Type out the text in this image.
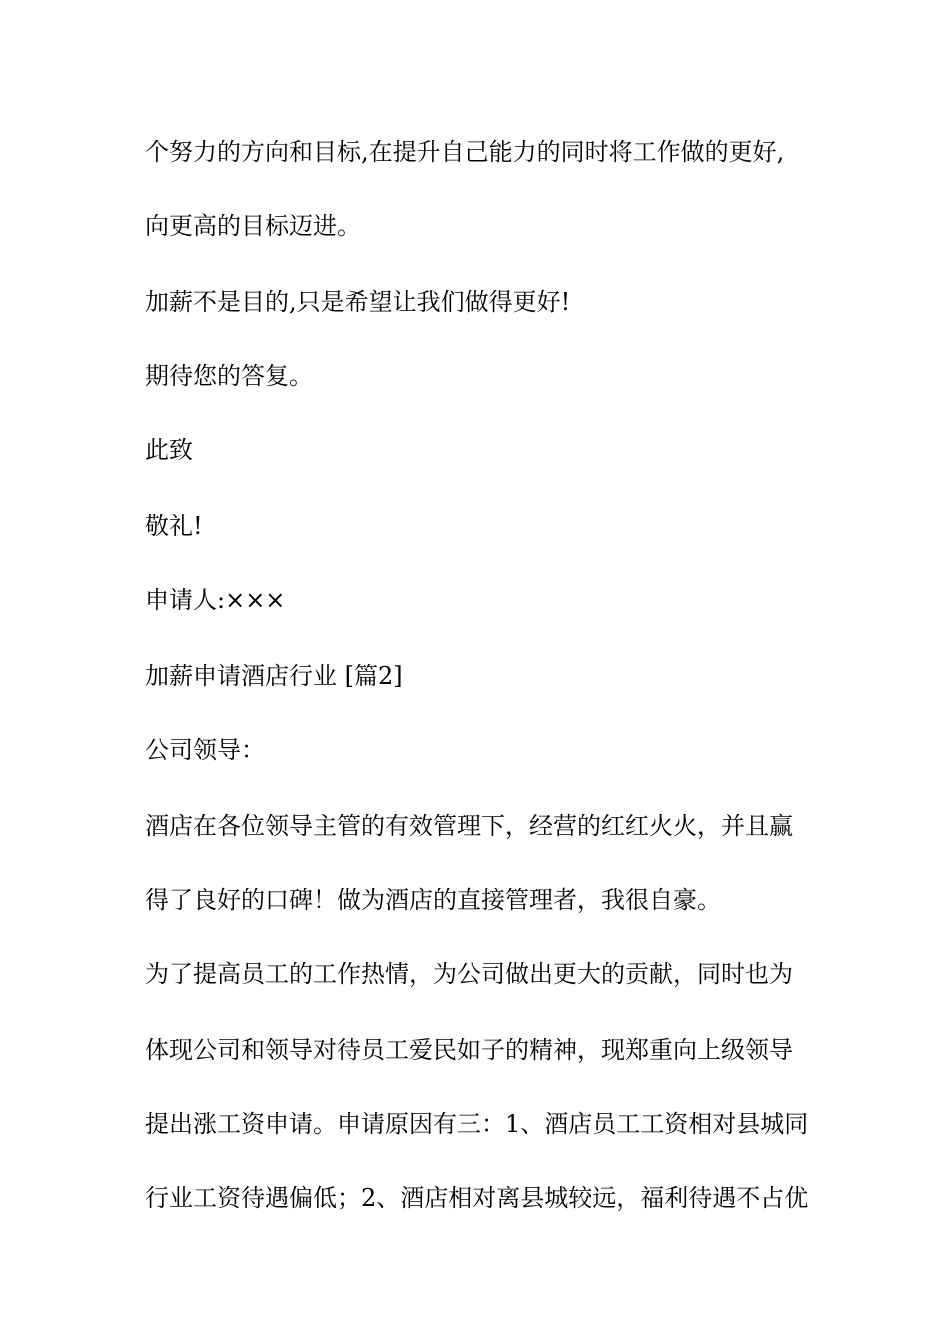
个努力的方向和目标,在提升自己能力的同时将工作做的更好,
向更高的目标迈进。
加薪不是目的,只是希望让我们做得更好!
期待您的答复。
此致
敬礼!
申请人:×××
加薪申请酒店行业 [篇2]
公司领导：
酒店在各位领导主管的有效管理下，经营的红红火火，并且赢
得了良好的口碑！做为酒店的直接管理者，我很自豪。
为了提高员工的工作热情，为公司做出更大的贡献，同时也为
体现公司和领导对待员工爱民如子的精神，现郑重向上级领导
提出涨工资申请。申请原因有三：1、酒店员工工资相对县城同
行业工资待遇偏低；2、酒店相对离县城较远，福利待遇不占优
